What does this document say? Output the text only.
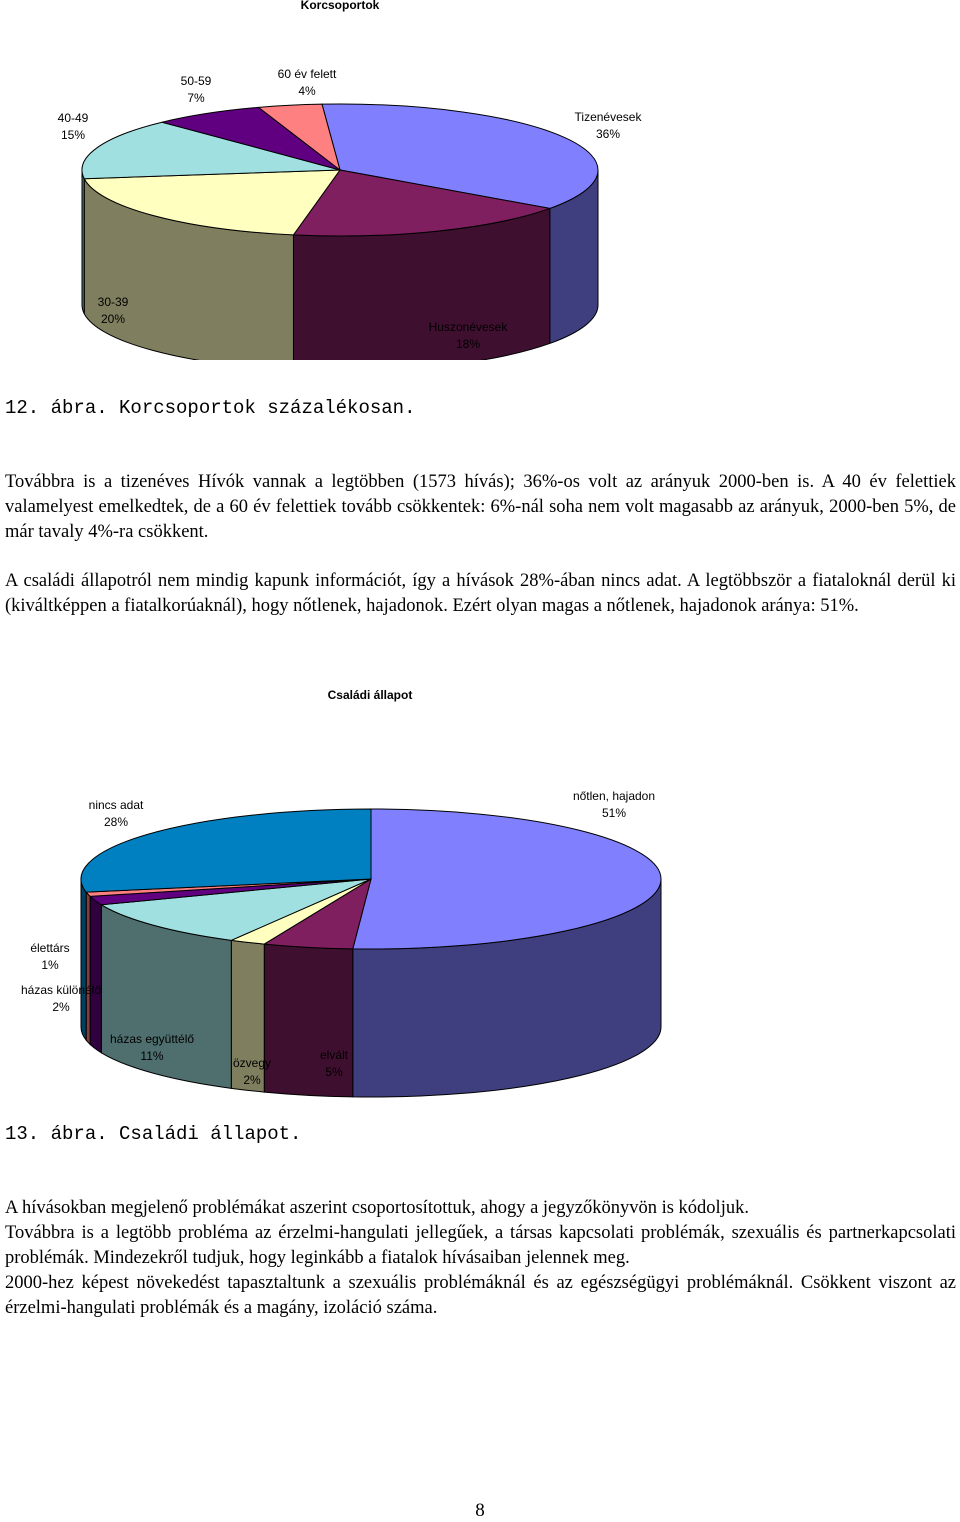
Korcsoportok
Tizenévesek
36%
Huszonévesek
18%
30-39
20%
40-49
15%
50-59
7%
60 év felett
4%
12. ábra. Korcsoportok százalékosan.

Továbbra is a tizenéves Hívók vannak a legtöbben (1573 hívás); 36%-os volt az arányuk 2000-ben is. A 40 év felettiek valamelyest emelkedtek, de a 60 év felettiek tovább csökkentek: 6%-nál soha nem volt magasabb az arányuk, 2000-ben 5%, de már tavaly 4%-ra csökkent.

A családi állapotról nem mindig kapunk információt, így a hívások 28%-ában nincs adat. A legtöbbször a fiataloknál derül ki (kiváltképpen a fiatalkorúaknál), hogy nőtlenek, hajadonok. Ezért olyan magas a nőtlenek, hajadonok aránya: 51%.

Családi állapot
nőtlen, hajadon
51%
elvált
5%
özvegy
2%
házas együttélő
11%
házas különélő
2%
élettárs
1%
nincs adat
28%
13. ábra. Családi állapot.

A hívásokban megjelenő problémákat aszerint csoportosítottuk, ahogy a jegyzőkönyvön is kódoljuk.

Továbbra is a legtöbb probléma az érzelmi-hangulati jellegűek, a társas kapcsolati problémák, szexuális és partnerkapcsolati problémák. Mindezekről tudjuk, hogy leginkább a fiatalok hívásaiban jelennek meg.

2000-hez képest növekedést tapasztaltunk a szexuális problémáknál és az egészségügyi problémáknál. Csökkent viszont az érzelmi-hangulati problémák és a magány, izoláció száma.

8
